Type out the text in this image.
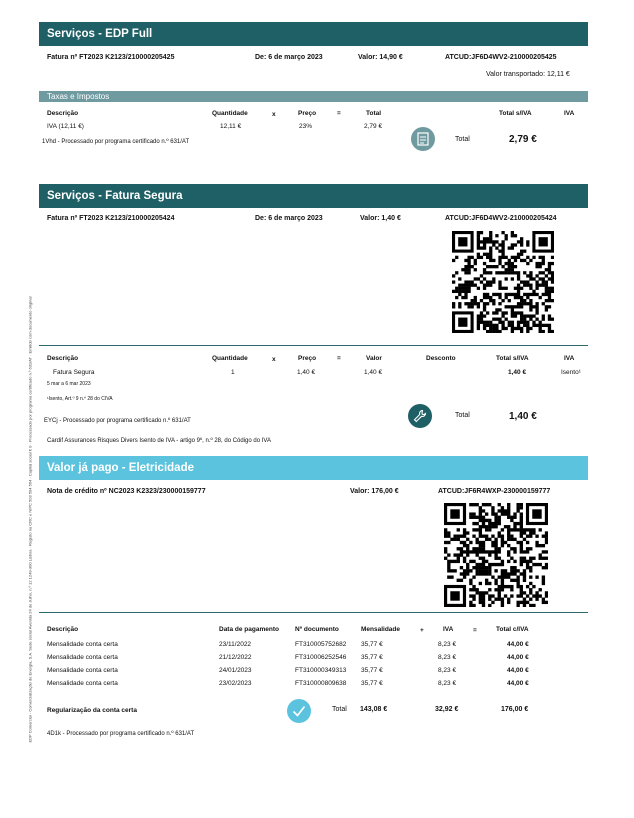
EDP Comercial - Comercialização de Energia, S.A. Sede social Avenida 24 de Julho, n.º 12 1249-300 Lisboa · Registo na CRC e NIPC 503 504 564 · Capital social € 0 · Processado por programa certificado n.º 631/AT · Emitido com documento original
Serviços - EDP Full
Fatura nº FT2023 K2123/210000205425	De: 6 de março 2023	Valor: 14,90 €	ATCUD:JF6D4WV2-210000205425
Valor transportado: 12,11 €
Taxas e Impostos
Descrição	Quantidade	x	Preço	=	Total	Total s/IVA	IVA
IVA (12,11 €)	12,11 €	23%	2,79 €
1Vhd - Processado por programa certificado n.º 631/AT	Total	2,79 €
Serviços - Fatura Segura
Fatura nº FT2023 K2123/210000205424	De: 6 de março 2023	Valor: 1,40 €	ATCUD:JF6D4WV2-210000205424
Descrição	Quantidade	x	Preço	=	Valor	Desconto	Total s/IVA	IVA
Fatura Segura	1	1,40 €	1,40 €	1,40 €	Isento¹
5 mar a 6 mar 2023
¹Isento, Art.º 9 n.º 28 do CIVA
EYCj - Processado por programa certificado n.º 631/AT
Total	1,40 €
Cardif Assurances Risques Divers Isento de IVA - artigo 9º, n.º 28, do Código do IVA
Valor já pago - Eletricidade
Nota de crédito nº NC2023 K2323/230000159777	Valor: 176,00 €	ATCUD:JF6R4WXP-230000159777
Descrição	Data de pagamento Nº documento	Mensalidade	+	IVA	=	Total c/IVA
Mensalidade conta certa	23/11/2022	FT310005752682 35,77 €	8,23 €	44,00 €
Mensalidade conta certa	21/12/2022	FT310006252546 35,77 €	8,23 €	44,00 €
Mensalidade conta certa	24/01/2023	FT310000349313 35,77 €	8,23 €	44,00 €
Mensalidade conta certa	23/02/2023	FT310000809638 35,77 €	8,23 €	44,00 €
Regularização da conta certa	Total 143,08 €	32,92 €	176,00 €
4D1k - Processado por programa certificado n.º 631/AT
